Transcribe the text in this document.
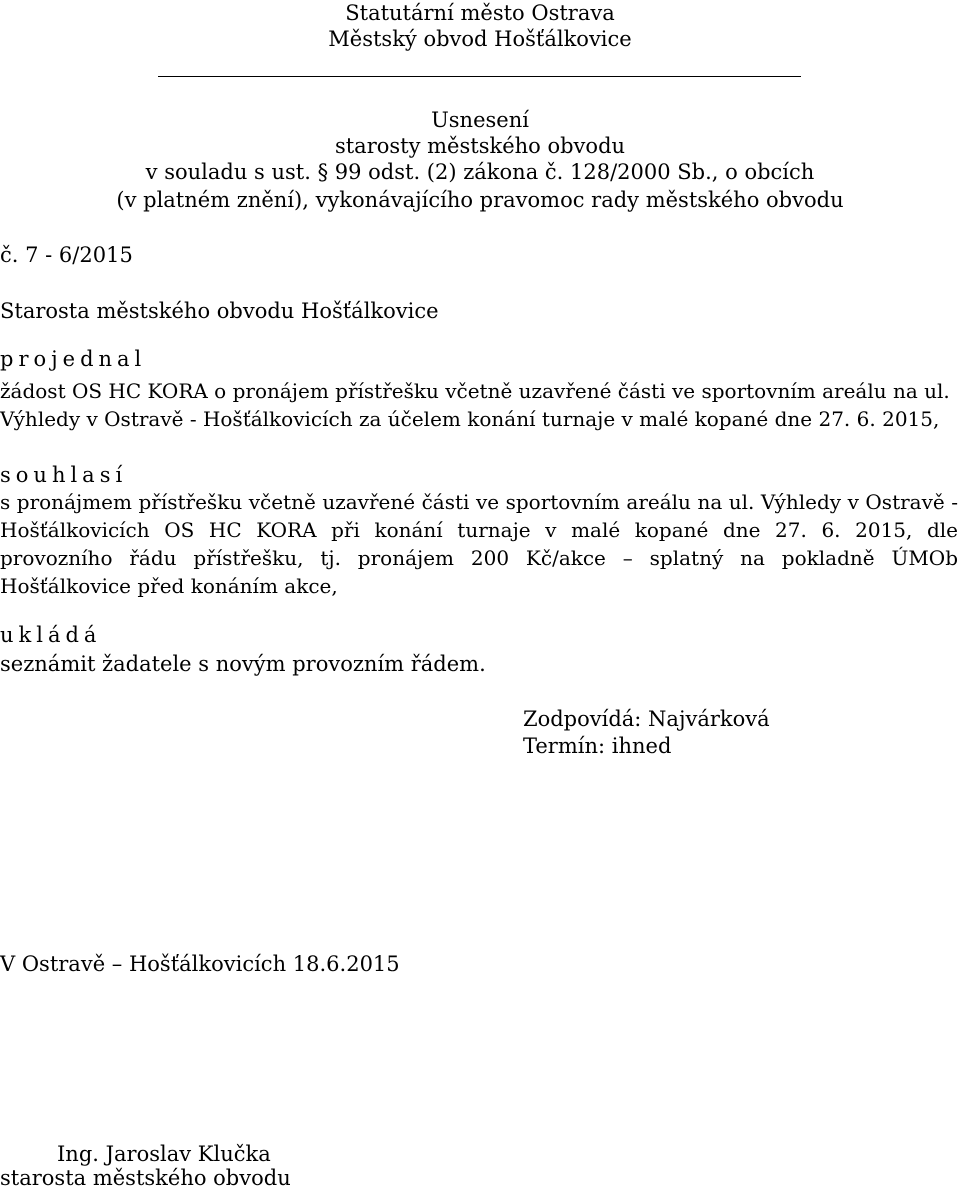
Statutární město Ostrava
Městský obvod Hošťálkovice
Usnesení
starosty městského obvodu
v souladu s ust. § 99 odst. (2) zákona č. 128/2000 Sb., o obcích
(v platném znění), vykonávajícího pravomoc rady městského obvodu
č. 7 - 6/2015
Starosta městského obvodu Hošťálkovice
projednal
žádost OS HC KORA o pronájem přístřešku včetně uzavřené části ve sportovním areálu na ul.
Výhledy v Ostravě - Hošťálkovicích za účelem konání turnaje v malé kopané dne 27. 6. 2015,
souhlasí
s pronájmem přístřešku včetně uzavřené části ve sportovním areálu na ul. Výhledy v Ostravě - Hošťálkovicích OS HC KORA při konání turnaje v malé kopané dne 27. 6. 2015, dle provozního řádu přístřešku, tj. pronájem 200 Kč/akce – splatný na pokladně ÚMOb Hošťálkovice před konáním akce,
ukládá
seznámit žadatele s novým provozním řádem.
Zodpovídá: Najvárková
Termín: ihned
V Ostravě – Hošťálkovicích 18.6.2015
Ing. Jaroslav Klučka
starosta městského obvodu
